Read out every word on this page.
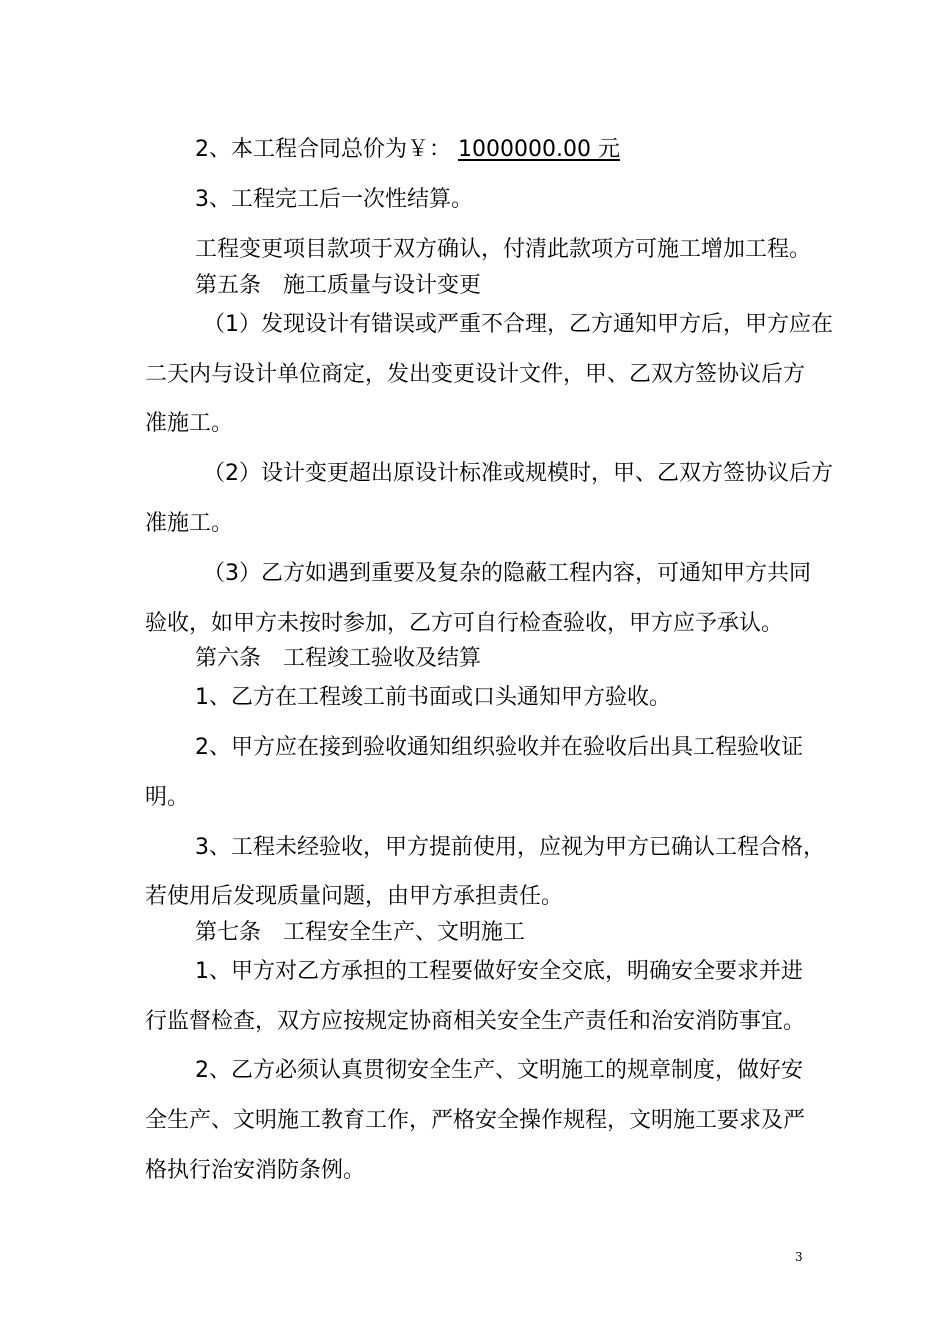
2、本工程合同总价为￥： 1000000.00 元
3、工程完工后一次性结算。
工程变更项目款项于双方确认，付清此款项方可施工增加工程。
第五条　施工质量与设计变更
（1）发现设计有错误或严重不合理，乙方通知甲方后，甲方应在
二天内与设计单位商定，发出变更设计文件，甲、乙双方签协议后方
准施工。
（2）设计变更超出原设计标准或规模时，甲、乙双方签协议后方
准施工。
（3）乙方如遇到重要及复杂的隐蔽工程内容，可通知甲方共同
验收，如甲方未按时参加，乙方可自行检查验收，甲方应予承认。
第六条　工程竣工验收及结算
1、乙方在工程竣工前书面或口头通知甲方验收。
2、甲方应在接到验收通知组织验收并在验收后出具工程验收证
明。
3、工程未经验收，甲方提前使用，应视为甲方已确认工程合格，
若使用后发现质量问题，由甲方承担责任。
第七条　工程安全生产、文明施工
1、甲方对乙方承担的工程要做好安全交底，明确安全要求并进
行监督检查，双方应按规定协商相关安全生产责任和治安消防事宜。
2、乙方必须认真贯彻安全生产、文明施工的规章制度，做好安
全生产、文明施工教育工作，严格安全操作规程，文明施工要求及严
格执行治安消防条例。
3
